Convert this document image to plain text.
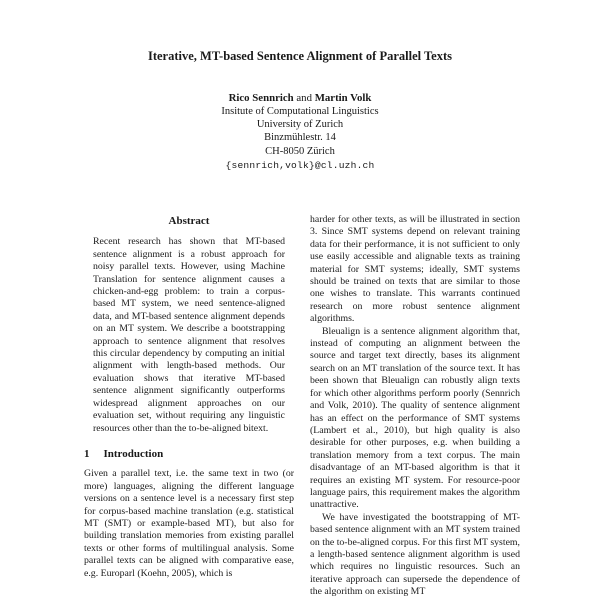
Iterative, MT-based Sentence Alignment of Parallel Texts
Rico Sennrich and Martin Volk
Insitute of Computational Linguistics
University of Zurich
Binzmühlestr. 14
CH-8050 Zürich
{sennrich,volk}@cl.uzh.ch
Abstract

Recent research has shown that MT-based sentence alignment is a robust approach for noisy parallel texts. However, using Machine Translation for sentence alignment causes a chicken-and-egg problem: to train a corpus-based MT system, we need sentence-aligned data, and MT-based sentence alignment depends on an MT system. We describe a bootstrapping approach to sentence alignment that resolves this circular dependency by computing an initial alignment with length-based methods. Our evaluation shows that iterative MT-based sentence alignment significantly outperforms widespread alignment approaches on our evaluation set, without requiring any linguistic resources other than the to-be-aligned bitext.

1 Introduction

Given a parallel text, i.e. the same text in two (or more) languages, aligning the different language versions on a sentence level is a necessary first step for corpus-based machine translation (e.g. statistical MT (SMT) or example-based MT), but also for building translation memories from existing parallel texts or other forms of multilingual analysis. Some parallel texts can be aligned with comparative ease, e.g. Europarl (Koehn, 2005), which is

harder for other texts, as will be illustrated in section 3. Since SMT systems depend on relevant training data for their performance, it is not sufficient to only use easily accessible and alignable texts as training material for SMT systems; ideally, SMT systems should be trained on texts that are similar to those one wishes to translate. This warrants continued research on more robust sentence alignment algorithms.

Bleualign is a sentence alignment algorithm that, instead of computing an alignment between the source and target text directly, bases its alignment search on an MT translation of the source text. It has been shown that Bleualign can robustly align texts for which other algorithms perform poorly (Sennrich and Volk, 2010). The quality of sentence alignment has an effect on the performance of SMT systems (Lambert et al., 2010), but high quality is also desirable for other purposes, e.g. when building a translation memory from a text corpus. The main disadvantage of an MT-based algorithm is that it requires an existing MT system. For resource-poor language pairs, this requirement makes the algorithm unattractive.

We have investigated the bootstrapping of MT-based sentence alignment with an MT system trained on the to-be-aligned corpus. For this first MT system, a length-based sentence alignment algorithm is used which requires no linguistic resources. Such an iterative approach can supersede the dependence of the algorithm on existing MT
